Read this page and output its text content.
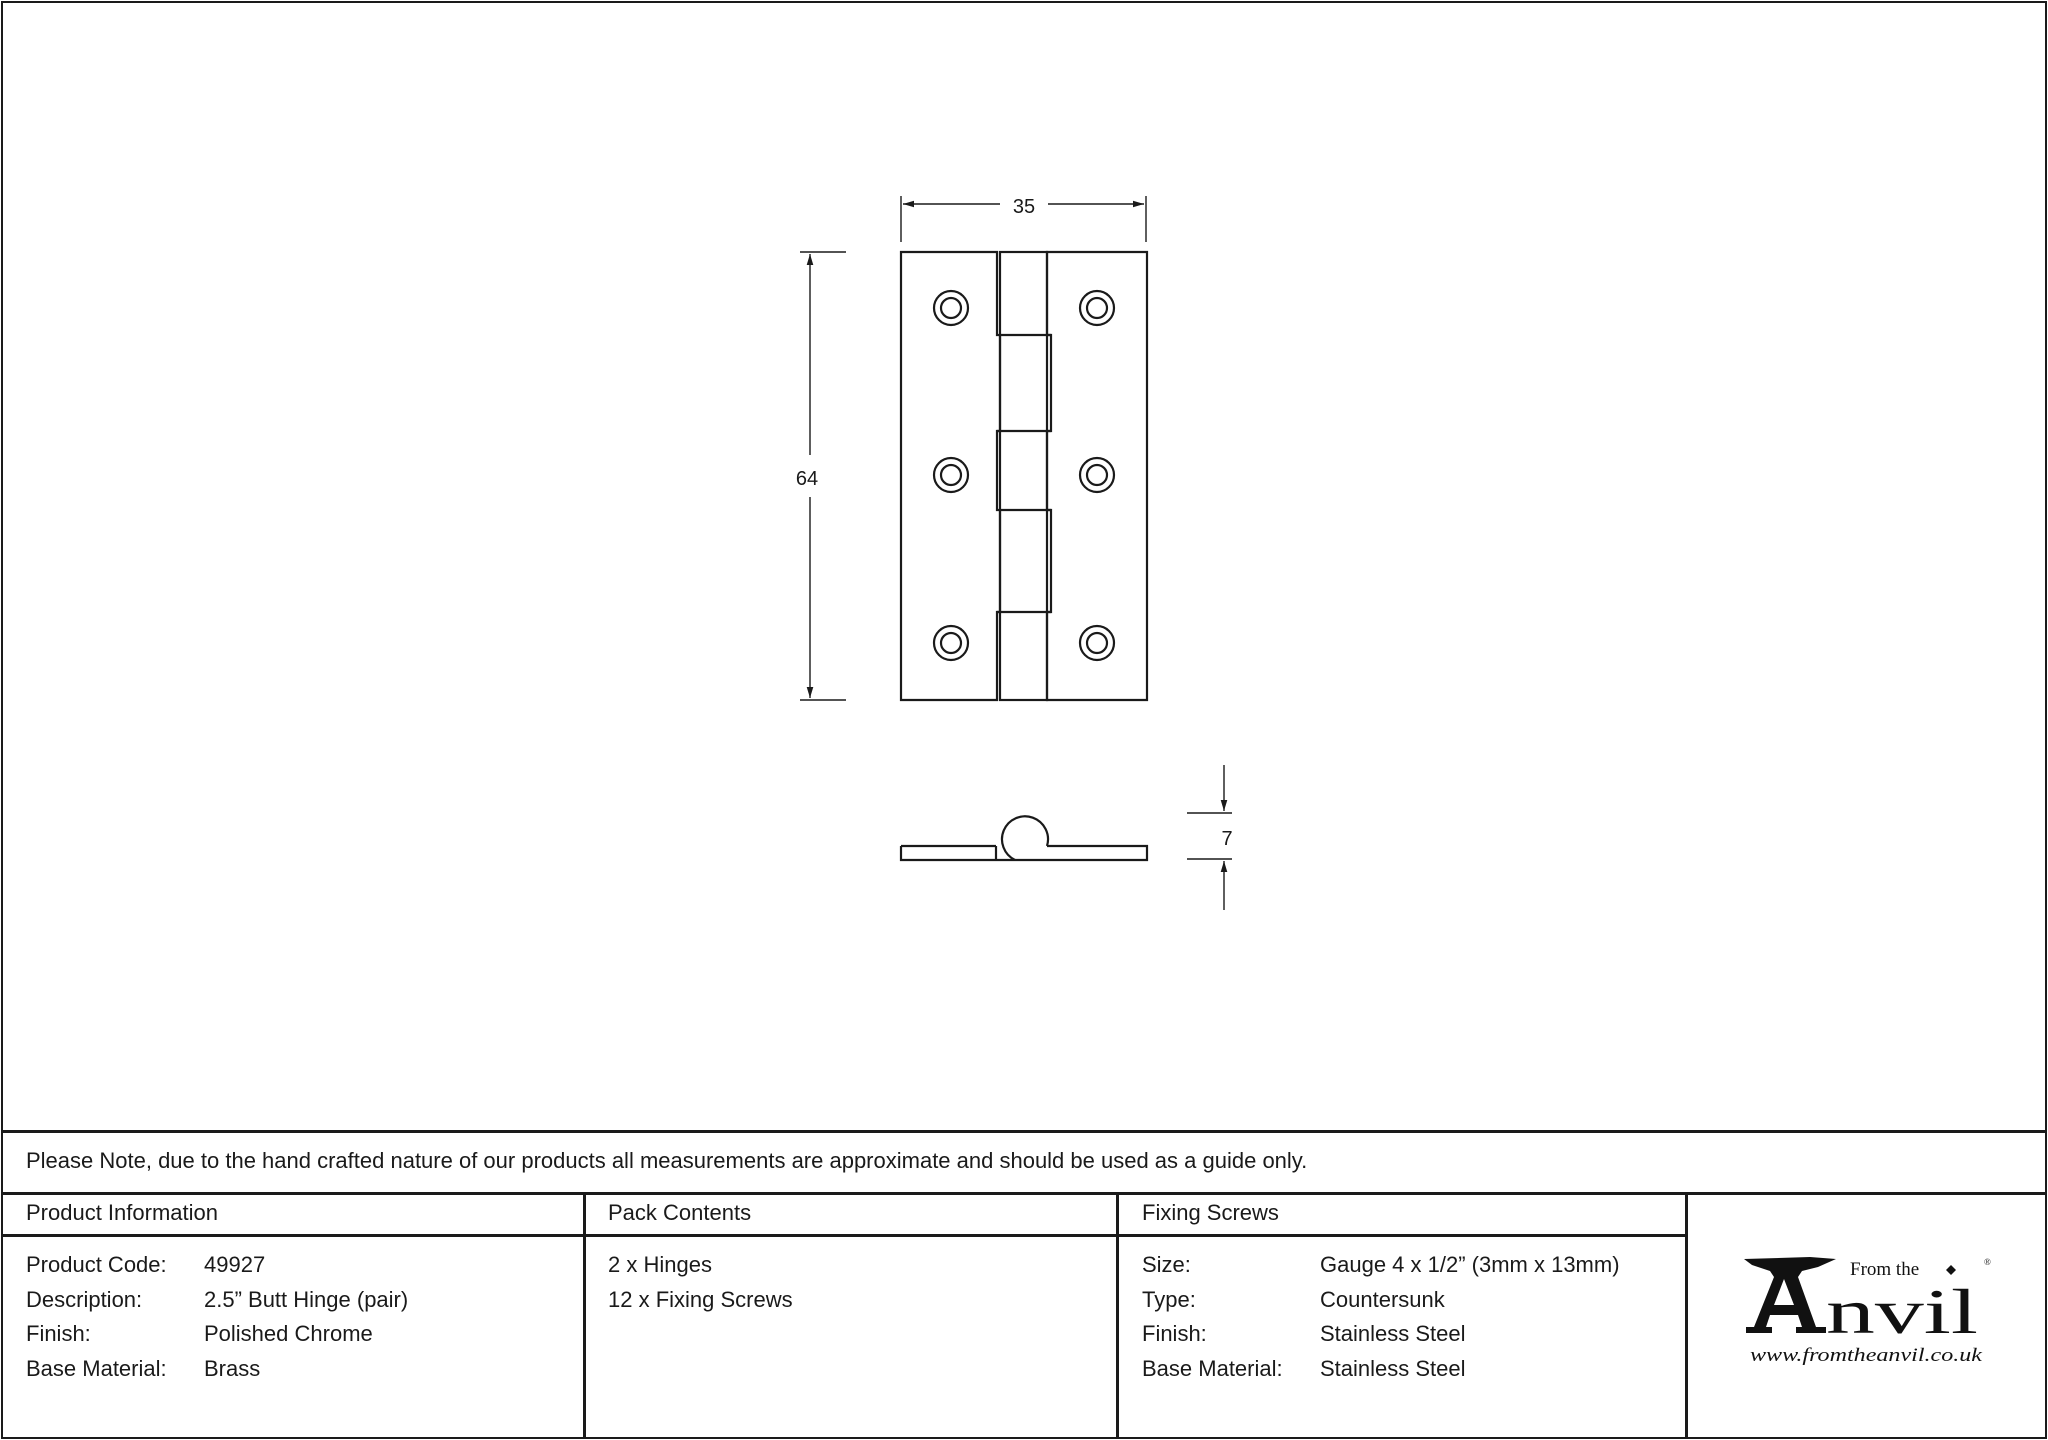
35
64
7
Please Note, due to the hand crafted nature of our products all measurements are approximate and should be used as a guide only.
Product Information	Pack Contents	Fixing Screws
Product Code: 49927
Description:	2.5” Butt Hinge (pair)
Finish:	Polished Chrome
Base Material: Brass
2 x Hinges
12 x Fixing Screws
Size:	Gauge 4 x 1/2” (3mm x 13mm)
Type:	Countersunk
Finish:	Stainless Steel
Base Material: Stainless Steel
From the	®
nvil
www.fromtheanvil.co.uk
